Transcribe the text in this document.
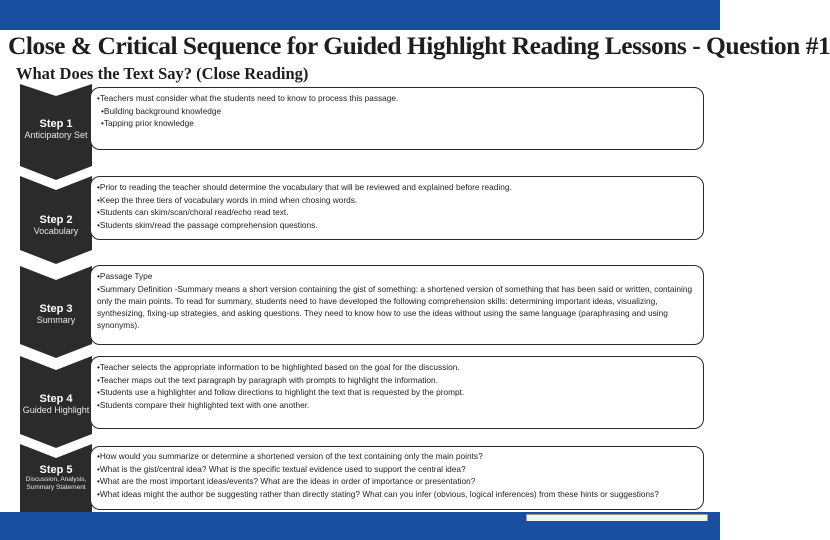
Close & Critical Sequence for Guided Highlight Reading Lessons - Question #1
What Does the Text Say? (Close Reading)
Step 1
Anticipatory Set
•Teachers must consider what the students need to know to process this passage.
•Building background knowledge
•Tapping prior knowledge
Step 2
Vocabulary
•Prior to reading the teacher should determine the vocabulary that will be reviewed and explained before reading.
•Keep the three tiers of vocabulary words in mind when chosing words.
•Students can skim/scan/choral read/echo read text.
•Students skim/read the passage comprehension questions.
Step 3
Summary
•Passage Type
•Summary Definition -Summary means a short version containing the gist of something: a shortened version of something that has been said or written, containing only the main points. To read for summary, students need to have developed the following comprehension skills: determining important ideas, visualizing, synthesizing, fixing-up strategies, and asking questions. They need to know how to use the ideas without using the same language (paraphrasing and using synonyms).
Step 4
Guided Highlight
•Teacher selects the appropriate information to be highlighted based on the goal for the discussion.
•Teacher maps out the text paragraph by paragraph with prompts to highlight the information.
•Students use a highlighter and follow directions to highlight the text that is requested by the prompt.
•Students compare their highlighted text with one another.
Step 5
Discussion, Analysis, Summary Statement
•How would you summarize or determine a shortened version of the text containing only the main points?
•What is the gist/central idea? What is the specific textual evidence used to support the central idea?
•What are the most important ideas/events? What are the ideas in order of importance or presentation?
•What ideas might the author be suggesting rather than directly stating? What can you infer (obvious, logical inferences) from these hints or suggestions?
